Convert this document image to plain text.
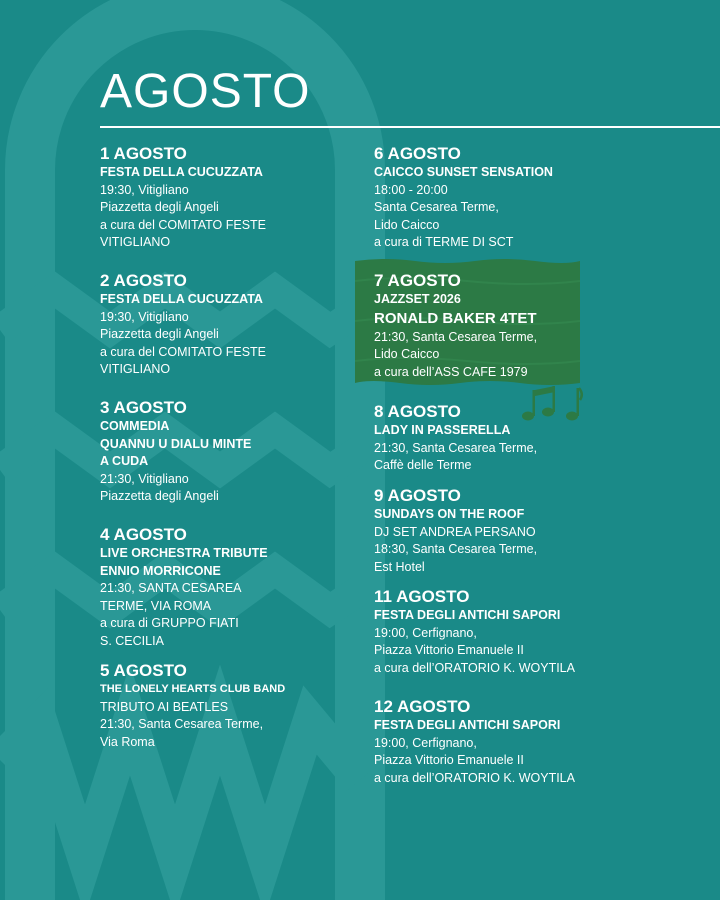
AGOSTO
1 AGOSTO
FESTA DELLA CUCUZZATA
19:30, Vitigliano
Piazzetta degli Angeli
a cura del COMITATO FESTE
VITIGLIANO
2 AGOSTO
FESTA DELLA CUCUZZATA
19:30, Vitigliano
Piazzetta degli Angeli
a cura del COMITATO FESTE
VITIGLIANO
3 AGOSTO
COMMEDIA
QUANNU U DIALU MINTE
A CUDA
21:30, Vitigliano
Piazzetta degli Angeli
4 AGOSTO
LIVE ORCHESTRA TRIBUTE
ENNIO MORRICONE
21:30, SANTA CESAREA
TERME, VIA ROMA
a cura di GRUPPO FIATI
S. CECILIA
5 AGOSTO
THE LONELY HEARTS CLUB BAND
TRIBUTO AI BEATLES
21:30, Santa Cesarea Terme,
Via Roma
6 AGOSTO
CAICCO SUNSET SENSATION
18:00 - 20:00
Santa Cesarea Terme,
Lido Caicco
a cura di TERME DI SCT
7 AGOSTO
JAZZSET 2026
RONALD BAKER 4TET
21:30, Santa Cesarea Terme,
Lido Caicco
a cura dell’ASS CAFE 1979
8 AGOSTO
LADY IN PASSERELLA
21:30, Santa Cesarea Terme,
Caffè delle Terme
9 AGOSTO
SUNDAYS ON THE ROOF
DJ SET ANDREA PERSANO
18:30, Santa Cesarea Terme,
Est Hotel
11 AGOSTO
FESTA DEGLI ANTICHI SAPORI
19:00, Cerfignano,
Piazza Vittorio Emanuele II
a cura dell’ORATORIO K. WOYTILA
12 AGOSTO
FESTA DEGLI ANTICHI SAPORI
19:00, Cerfignano,
Piazza Vittorio Emanuele II
a cura dell’ORATORIO K. WOYTILA
